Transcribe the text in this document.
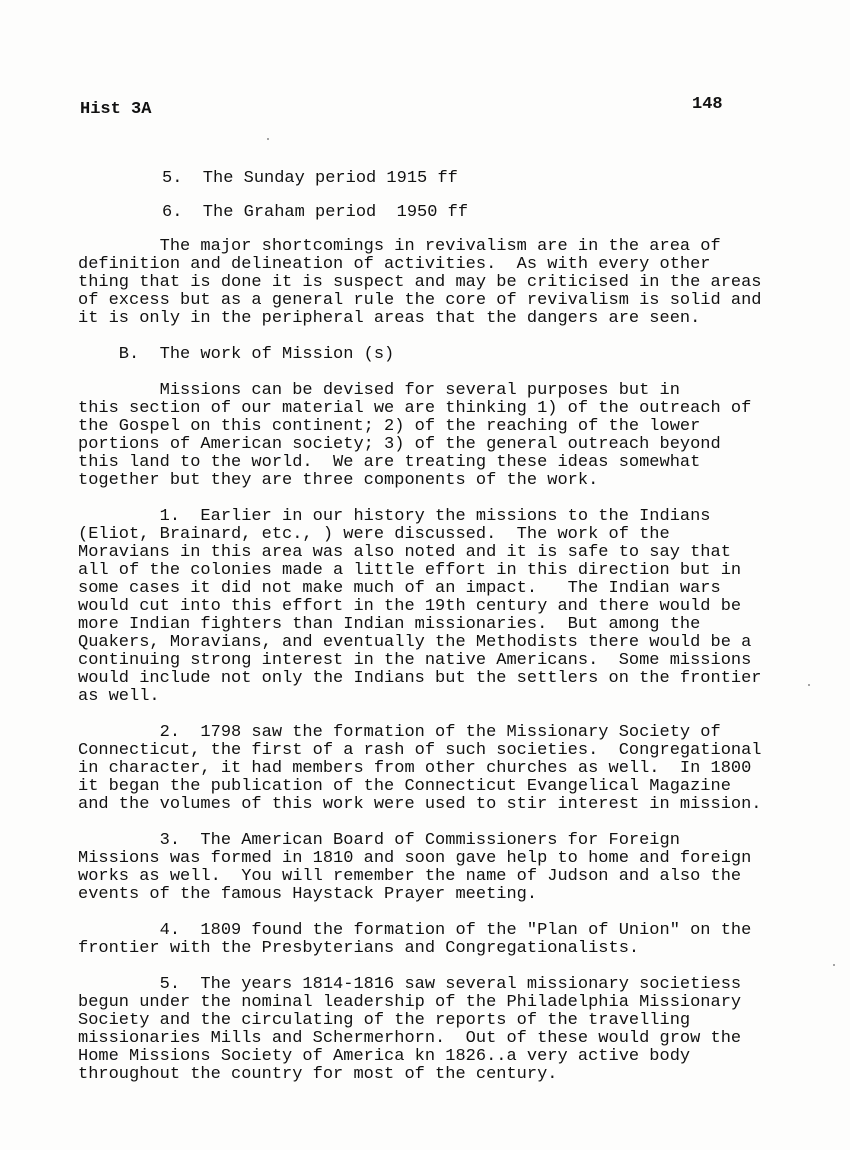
Hist 3A	148
5.  The Sunday period 1915 ff
6.  The Graham period  1950 ff
The major shortcomings in revivalism are in the area of
definition and delineation of activities.  As with every other
thing that is done it is suspect and may be criticised in the areas
of excess but as a general rule the core of revivalism is solid and
it is only in the peripheral areas that the dangers are seen.
B.  The work of Mission (s)
Missions can be devised for several purposes but in
this section of our material we are thinking 1) of the outreach of
the Gospel on this continent; 2) of the reaching of the lower
portions of American society; 3) of the general outreach beyond
this land to the world.  We are treating these ideas somewhat
together but they are three components of the work.
1.  Earlier in our history the missions to the Indians
(Eliot, Brainard, etc., ) were discussed.  The work of the
Moravians in this area was also noted and it is safe to say that
all of the colonies made a little effort in this direction but in
some cases it did not make much of an impact.   The Indian wars
would cut into this effort in the 19th century and there would be
more Indian fighters than Indian missionaries.  But among the
Quakers, Moravians, and eventually the Methodists there would be a
continuing strong interest in the native Americans.  Some missions
would include not only the Indians but the settlers on the frontier
as well.
2.  1798 saw the formation of the Missionary Society of
Connecticut, the first of a rash of such societies.  Congregational
in character, it had members from other churches as well.  In 1800
it began the publication of the Connecticut Evangelical Magazine
and the volumes of this work were used to stir interest in mission.
3.  The American Board of Commissioners for Foreign
Missions was formed in 1810 and soon gave help to home and foreign
works as well.  You will remember the name of Judson and also the
events of the famous Haystack Prayer meeting.
4.  1809 found the formation of the "Plan of Union" on the
frontier with the Presbyterians and Congregationalists.
5.  The years 1814-1816 saw several missionary societiess
begun under the nominal leadership of the Philadelphia Missionary
Society and the circulating of the reports of the travelling
missionaries Mills and Schermerhorn.  Out of these would grow the
Home Missions Society of America kn 1826..a very active body
throughout the country for most of the century.
